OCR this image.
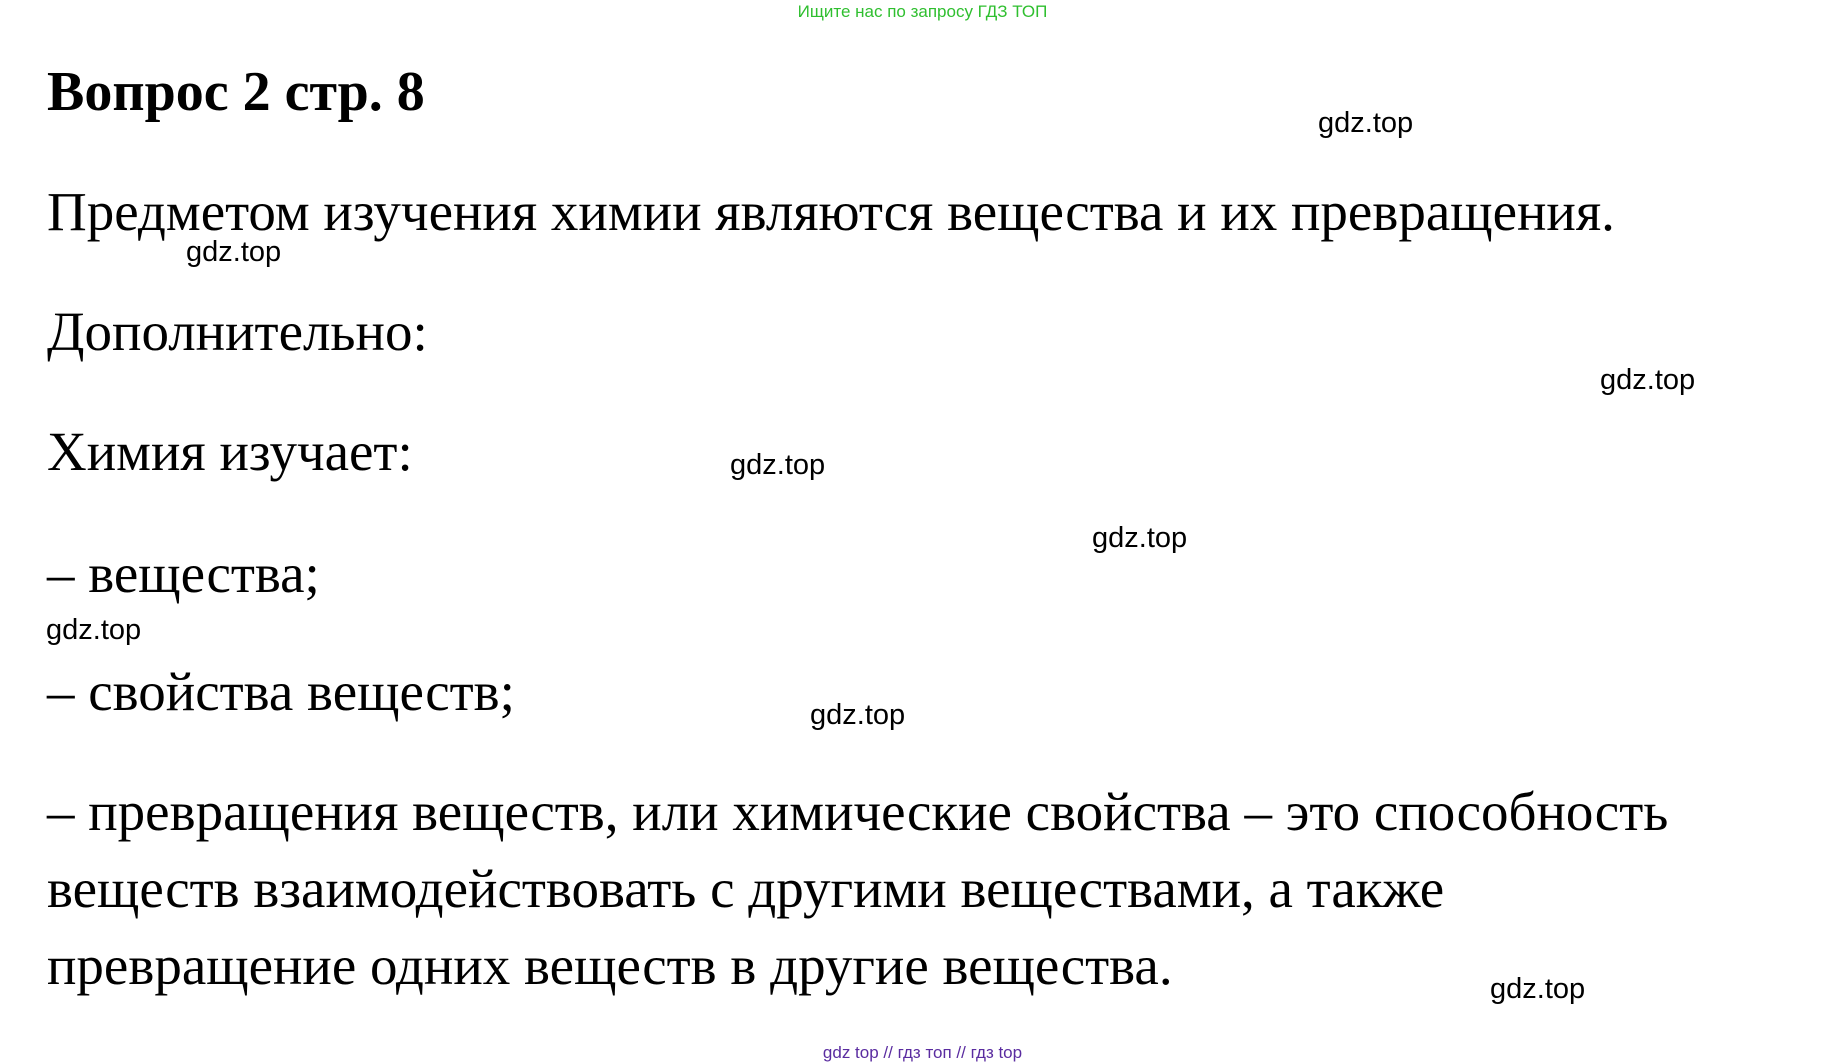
Ищите нас по запросу ГДЗ ТОП
Вопрос 2 стр. 8

Предметом изучения химии являются вещества и их превращения.

Дополнительно:

Химия изучает:

– вещества;

– свойства веществ;

– превращения веществ, или химические свойства – это способность

веществ взаимодействовать с другими веществами, а также

превращение одних веществ в другие вещества.

gdz.top
gdz.top
gdz.top
gdz.top
gdz.top
gdz.top
gdz.top
gdz.top
gdz top // гдз топ // гдз top
